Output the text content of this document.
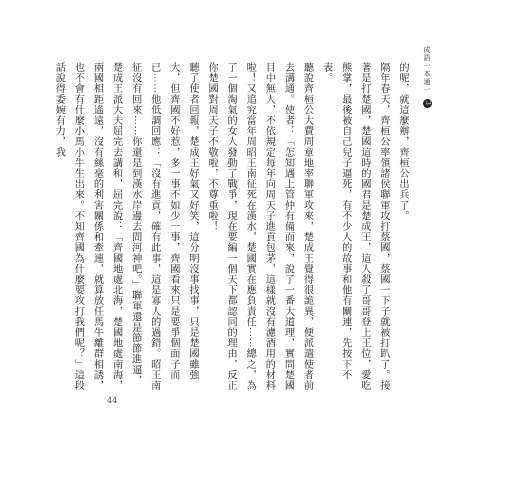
成語一本通一 3

的呢，就這麼辦，齊桓公出兵了。

隔年春天，齊桓公率領諸侯聯軍攻打蔡國，蔡國一下子就被打趴了。接著是打楚國，楚國這時的國君是楚成王，這人殺了哥哥登上王位，愛吃熊掌，最後被自己兒子逼死，有不少人的故事和他有關連，先按下不表。

聽說齊桓公大費周章地率聯軍攻來，楚成王覺得很詭異，便派遣使者前去溝通。使者：「怎知遇上管仲有備而來，說了一番大道理，實問楚國目中無人，不依規定每年向周天子進貢包茅，這樣就沒有濾酒用的材料啦！又追究當年周昭王南征死在漢水，楚國實在應負責任⋯⋯總之，為了一個淘氣的女人發動了戰爭，現在要編一個天下都認同的理由，反正你楚國對周天子不敬啦，不尊重啦！

聽了使者回報，楚成王好氣又好笑，這分明沒事找事，只是楚國雖強大，但齊國不好惹，多一事不如少一事，齊國看來只是要爭個面子而已⋯⋯他低調回應：「沒有進貢，確有此事，這是寡人的過錯。昭王南征沒有回來⋯⋯你還是到漢水岸邊去問河神吧。」聯軍還是節節進逼，楚成王派大夫屈完去講和，屈完說：「齊國地處北海，楚國地處南海，兩國相距遙遠，沒有絲毫的利害關係和牽連，就算放任馬牛離群相誘，也不會有什麼小馬小牛生出來。不知齊國為什麼要攻打我們呢？」這段話說得委婉有力，我

44
